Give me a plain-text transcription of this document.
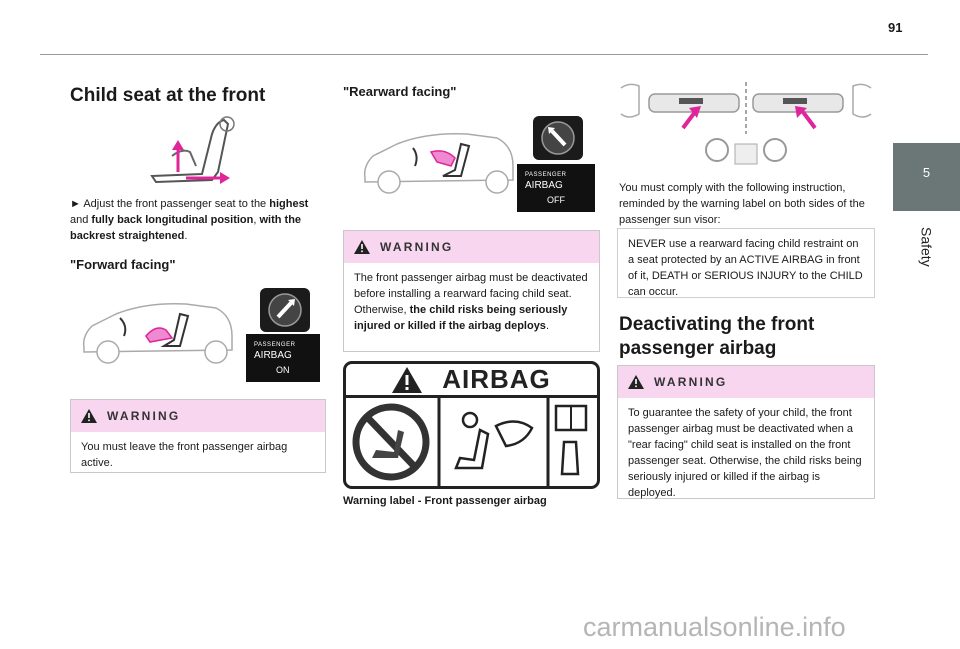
91
5
Safety
Child seat at the front

► Adjust the front passenger seat to the highest and fully back longitudinal position, with the backrest straightened.

"Forward facing"
PASSENGER
AIRBAG
ON
WARNING
You must leave the front passenger airbag active.
"Rearward facing"
PASSENGER
AIRBAG
OFF
WARNING
The front passenger airbag must be deactivated before installing a rearward facing child seat. Otherwise, the child risks being seriously injured or killed if the airbag deploys.
AIRBAG
Warning label - Front passenger airbag

You must comply with the following instruction, reminded by the warning label on both sides of the passenger sun visor:

NEVER use a rearward facing child restraint on a seat protected by an ACTIVE AIRBAG in front of it, DEATH or SERIOUS INJURY to the CHILD can occur.
Deactivating the front
passenger airbag
WARNING
To guarantee the safety of your child, the front passenger airbag must be deactivated when a "rear facing" child seat is installed on the front passenger seat. Otherwise, the child risks being seriously injured or killed if the airbag is deployed.
carmanualsonline.info
